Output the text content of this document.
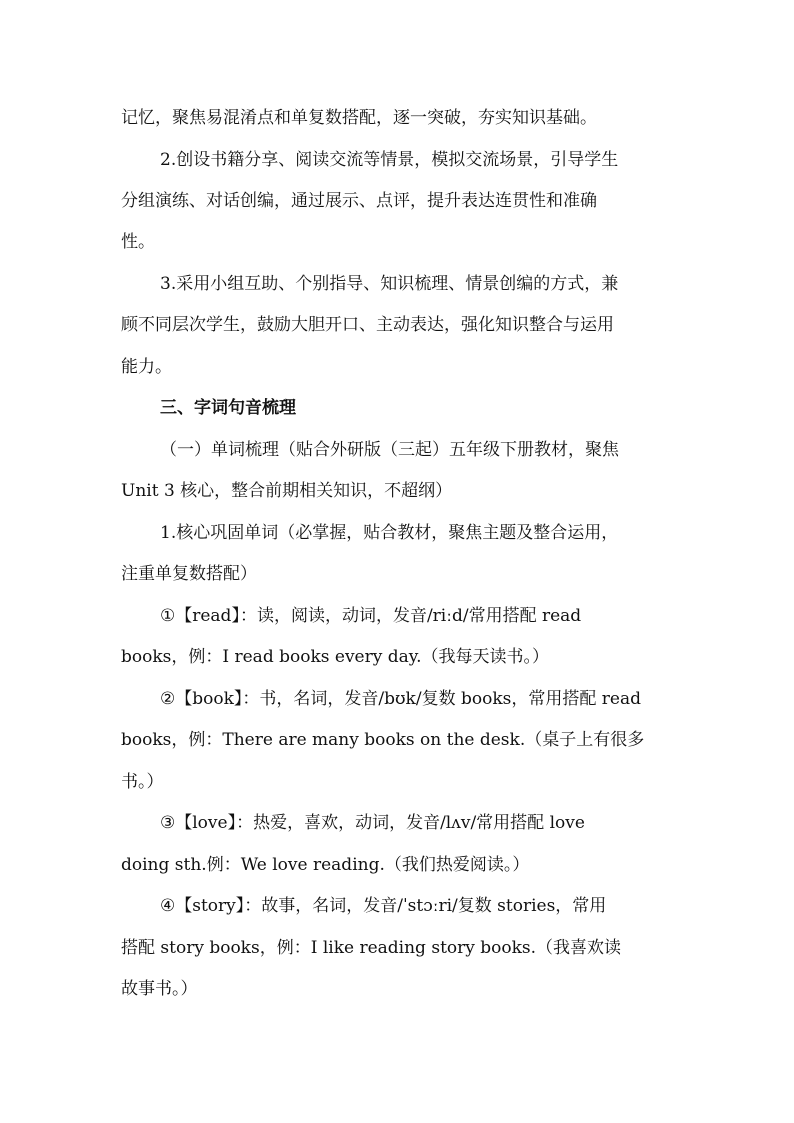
记忆，聚焦易混淆点和单复数搭配，逐一突破，夯实知识基础。
2.创设书籍分享、阅读交流等情景，模拟交流场景，引导学生
分组演练、对话创编，通过展示、点评，提升表达连贯性和准确
性。
3.采用小组互助、个别指导、知识梳理、情景创编的方式，兼
顾不同层次学生，鼓励大胆开口、主动表达，强化知识整合与运用
能力。
三、字词句音梳理
（一）单词梳理（贴合外研版（三起）五年级下册教材，聚焦
Unit 3 核心，整合前期相关知识，不超纲）
1.核心巩固单词（必掌握，贴合教材，聚焦主题及整合运用，
注重单复数搭配）
①【read】：读，阅读，动词，发音/riːd/常用搭配 read
books，例：I read books every day.（我每天读书。）
②【book】：书，名词，发音/bʊk/复数 books，常用搭配 read
books，例：There are many books on the desk.（桌子上有很多
书。）
③【love】：热爱，喜欢，动词，发音/lʌv/常用搭配 love
doing sth.例：We love reading.（我们热爱阅读。）
④【story】：故事，名词，发音/ˈstɔːri/复数 stories，常用
搭配 story books，例：I like reading story books.（我喜欢读
故事书。）
